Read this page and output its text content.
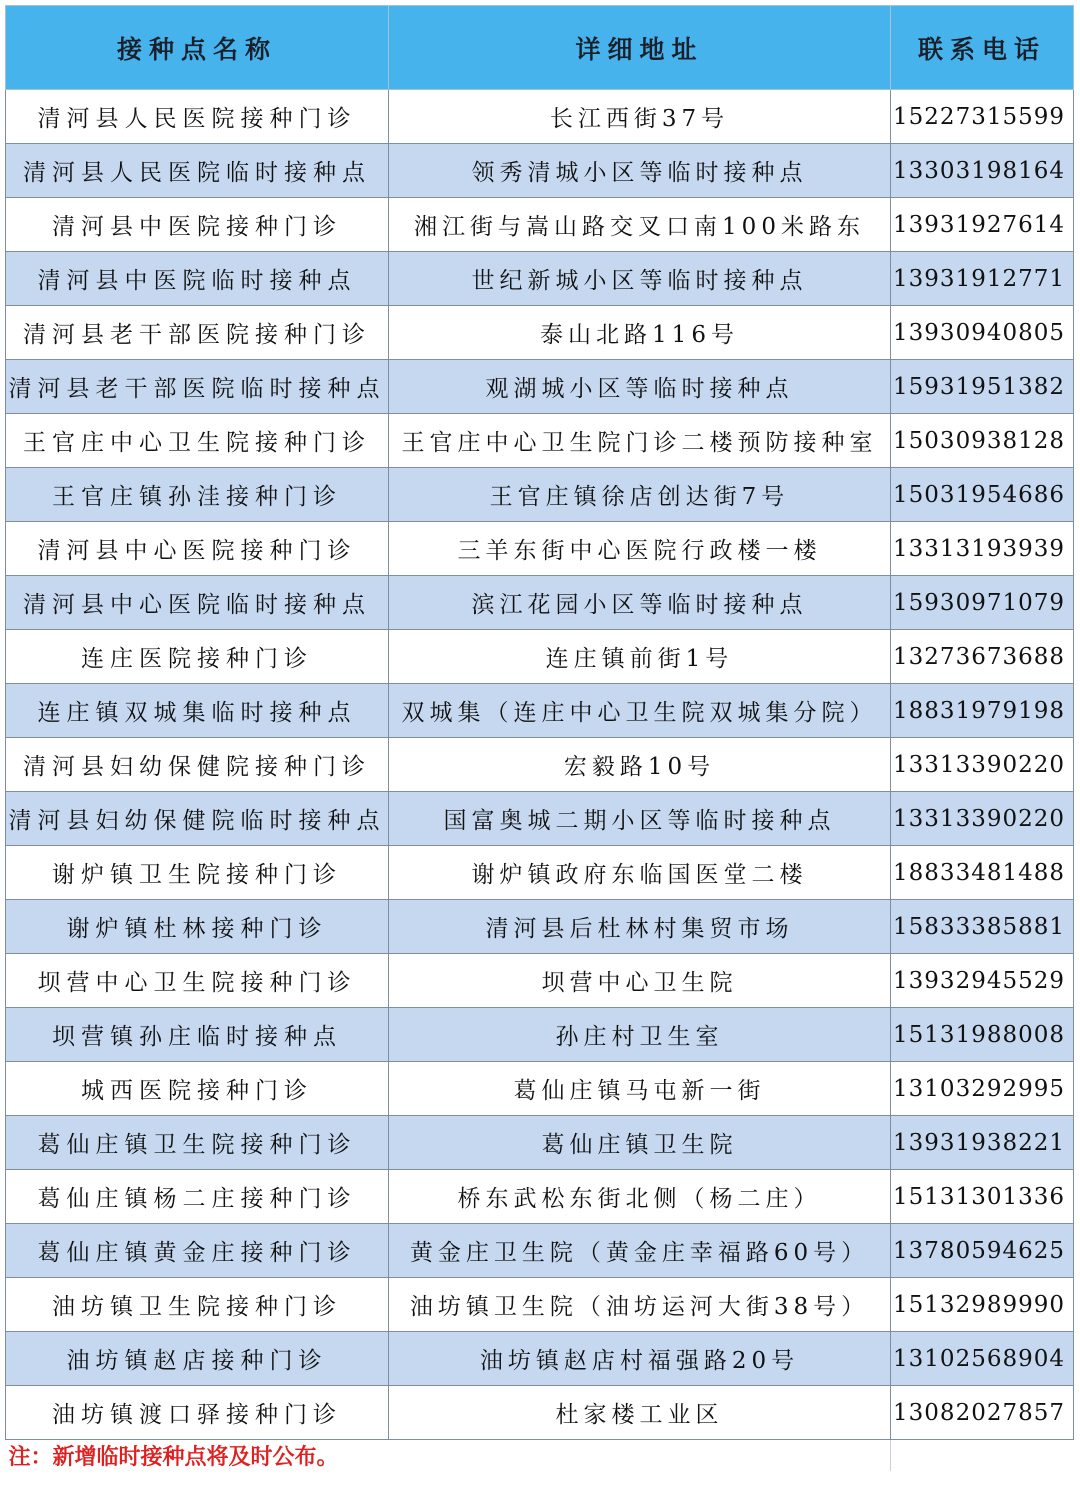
接种点名称	详细地址	联系电话
清河县人民医院接种门诊	长江西街37号	15227315599
清河县人民医院临时接种点	领秀清城小区等临时接种点	13303198164
清河县中医院接种门诊	湘江街与嵩山路交叉口南100米路东	13931927614
清河县中医院临时接种点	世纪新城小区等临时接种点	13931912771
清河县老干部医院接种门诊	泰山北路116号	13930940805
清河县老干部医院临时接种点	观湖城小区等临时接种点	15931951382
王官庄中心卫生院接种门诊	王官庄中心卫生院门诊二楼预防接种室	15030938128
王官庄镇孙洼接种门诊	王官庄镇徐店创达街7号	15031954686
清河县中心医院接种门诊	三羊东街中心医院行政楼一楼	13313193939
清河县中心医院临时接种点	滨江花园小区等临时接种点	15930971079
连庄医院接种门诊	连庄镇前街1号	13273673688
连庄镇双城集临时接种点	双城集（连庄中心卫生院双城集分院）	18831979198
清河县妇幼保健院接种门诊	宏毅路10号	13313390220
清河县妇幼保健院临时接种点	国富奥城二期小区等临时接种点	13313390220
谢炉镇卫生院接种门诊	谢炉镇政府东临国医堂二楼	18833481488
谢炉镇杜林接种门诊	清河县后杜林村集贸市场	15833385881
坝营中心卫生院接种门诊	坝营中心卫生院	13932945529
坝营镇孙庄临时接种点	孙庄村卫生室	15131988008
城西医院接种门诊	葛仙庄镇马屯新一街	13103292995
葛仙庄镇卫生院接种门诊	葛仙庄镇卫生院	13931938221
葛仙庄镇杨二庄接种门诊	桥东武松东街北侧（杨二庄）	15131301336
葛仙庄镇黄金庄接种门诊	黄金庄卫生院（黄金庄幸福路60号）	13780594625
油坊镇卫生院接种门诊	油坊镇卫生院（油坊运河大街38号）	15132989990
油坊镇赵店接种门诊	油坊镇赵店村福强路20号	13102568904
油坊镇渡口驿接种门诊	杜家楼工业区	13082027857
注：新增临时接种点将及时公布。		
